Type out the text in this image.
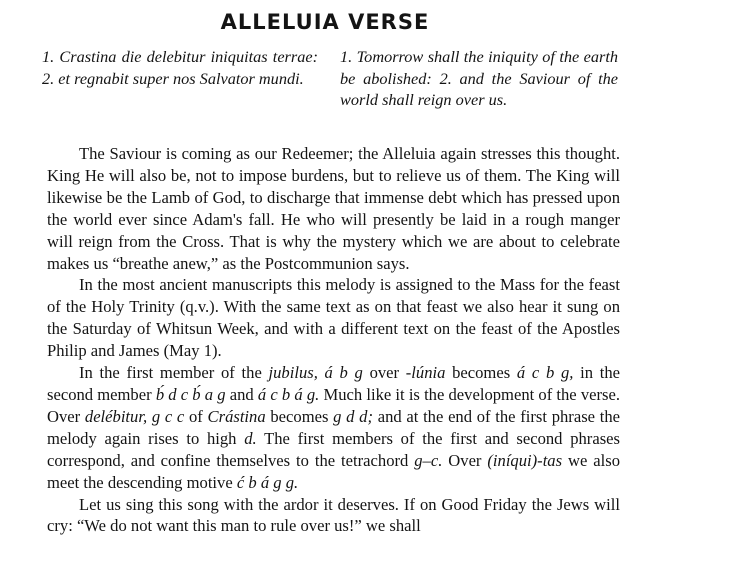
ALLELUIA VERSE
1. Crastina die delebitur iniquitas terrae: 2. et regnabit super nos Salvator mundi.
1. Tomorrow shall the iniquity of the earth be abolished: 2. and the Saviour of the world shall reign over us.

The Saviour is coming as our Redeemer; the Alleluia again stresses this thought. King He will also be, not to impose burdens, but to relieve us of them. The King will likewise be the Lamb of God, to discharge that immense debt which has pressed upon the world ever since Adam's fall. He who will presently be laid in a rough manger will reign from the Cross. That is why the mystery which we are about to celebrate makes us “breathe anew,” as the Postcommunion says.

In the most ancient manuscripts this melody is assigned to the Mass for the feast of the Holy Trinity (q.v.). With the same text as on that feast we also hear it sung on the Saturday of Whitsun Week, and with a different text on the feast of the Apostles Philip and James (May 1).

In the first member of the jubilus, á b g over -lúnia becomes á c b g, in the second member b́ d c b́ a g and á c b á g. Much like it is the development of the verse. Over delébitur, g c c of Crástina becomes g d d; and at the end of the first phrase the melody again rises to high d. The first members of the first and second phrases correspond, and confine themselves to the tetrachord g–c. Over (iníqui)-tas we also meet the descending motive ć b á g g.

Let us sing this song with the ardor it deserves. If on Good Friday the Jews will cry: “We do not want this man to rule over us!” we shall
